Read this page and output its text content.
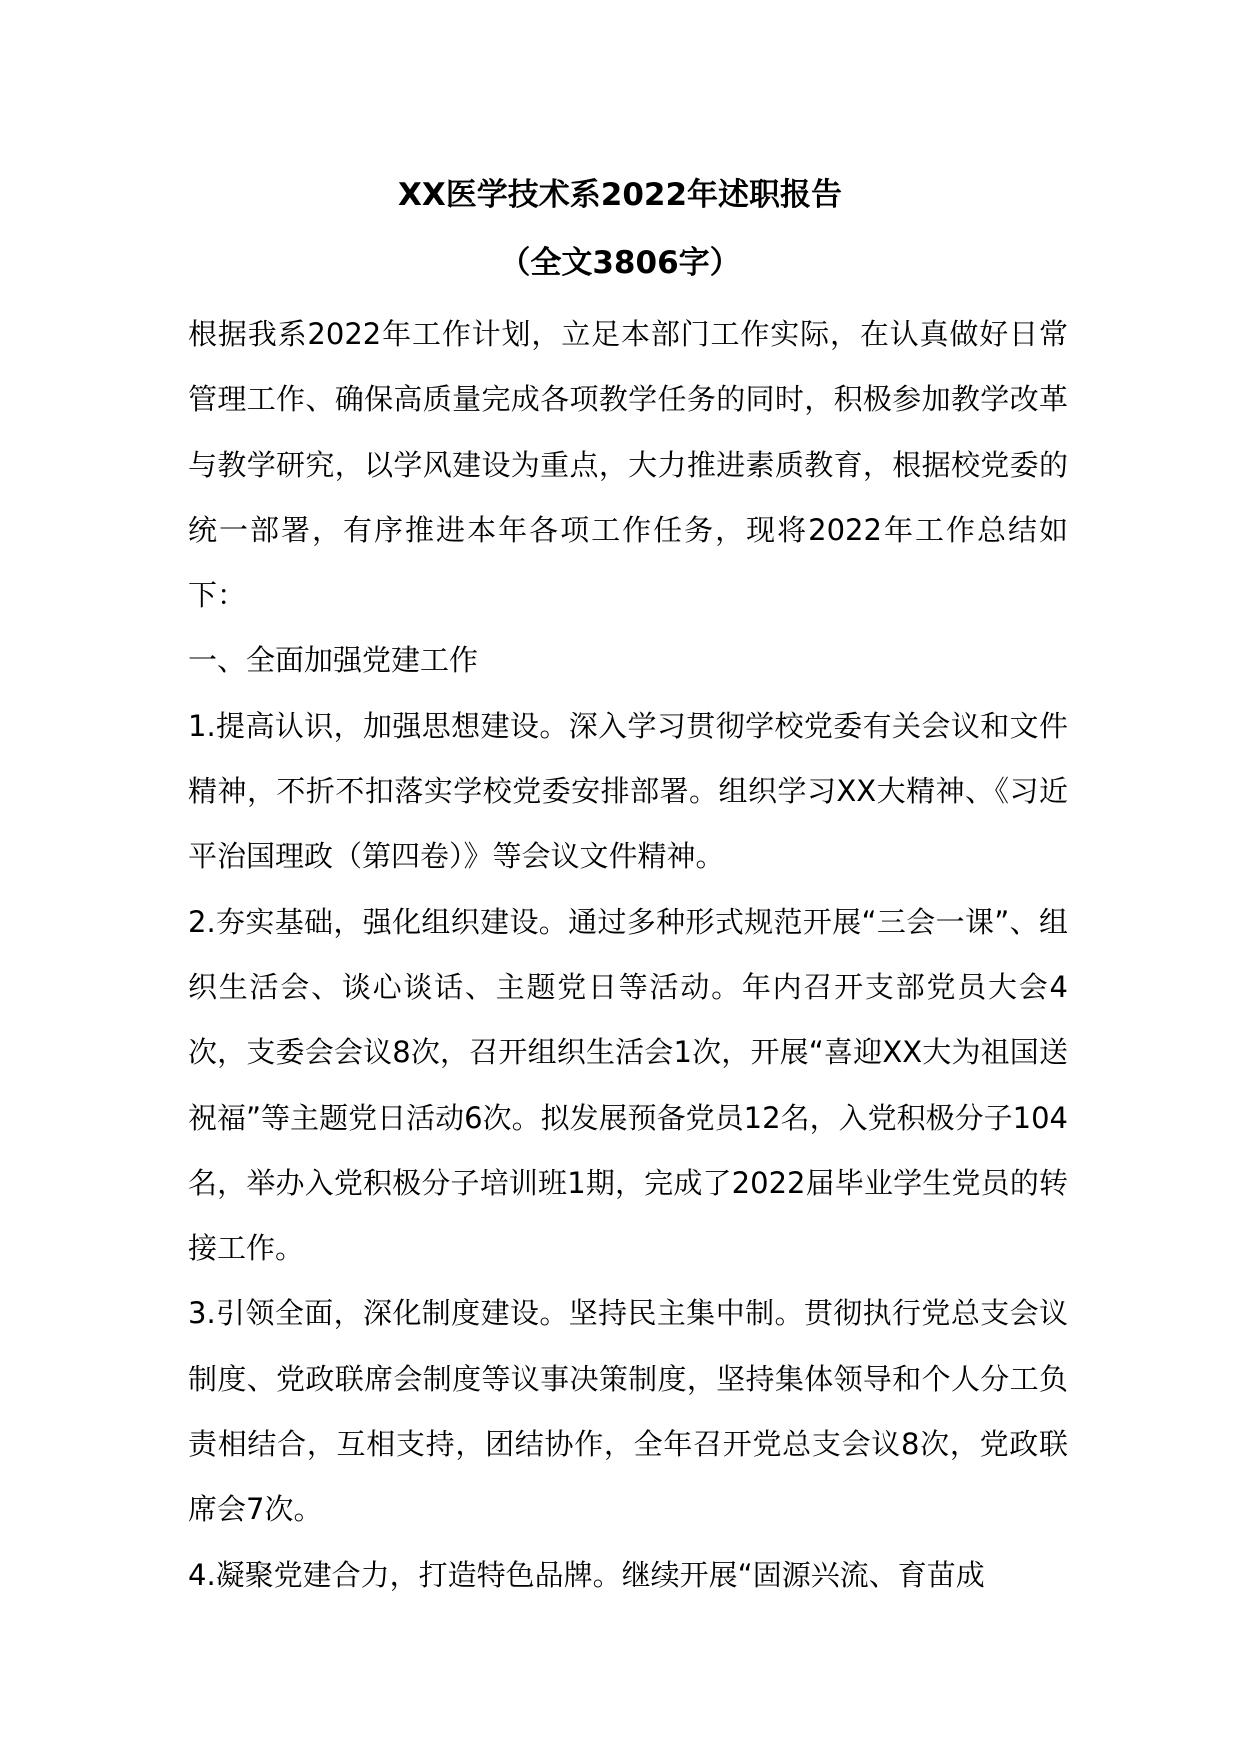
XX医学技术系2022年述职报告
（全文3806字）

根据我系2022年工作计划，立足本部门工作实际，在认真做好日常管理工作、确保高质量完成各项教学任务的同时，积极参加教学改革与教学研究，以学风建设为重点，大力推进素质教育，根据校党委的统一部署，有序推进本年各项工作任务，现将2022年工作总结如下：

一、全面加强党建工作

1.提高认识，加强思想建设。深入学习贯彻学校党委有关会议和文件精神，不折不扣落实学校党委安排部署。组织学习XX大精神、《习近平治国理政（第四卷）》等会议文件精神。

2.夯实基础，强化组织建设。通过多种形式规范开展“三会一课”、组织生活会、谈心谈话、主题党日等活动。年内召开支部党员大会4次，支委会会议8次，召开组织生活会1次，开展“喜迎XX大为祖国送祝福”等主题党日活动6次。拟发展预备党员12名，入党积极分子104名，举办入党积极分子培训班1期，完成了2022届毕业学生党员的转接工作。

3.引领全面，深化制度建设。坚持民主集中制。贯彻执行党总支会议制度、党政联席会制度等议事决策制度，坚持集体领导和个人分工负责相结合，互相支持，团结协作，全年召开党总支会议8次，党政联席会7次。

4.凝聚党建合力，打造特色品牌。继续开展“固源兴流、育苗成
